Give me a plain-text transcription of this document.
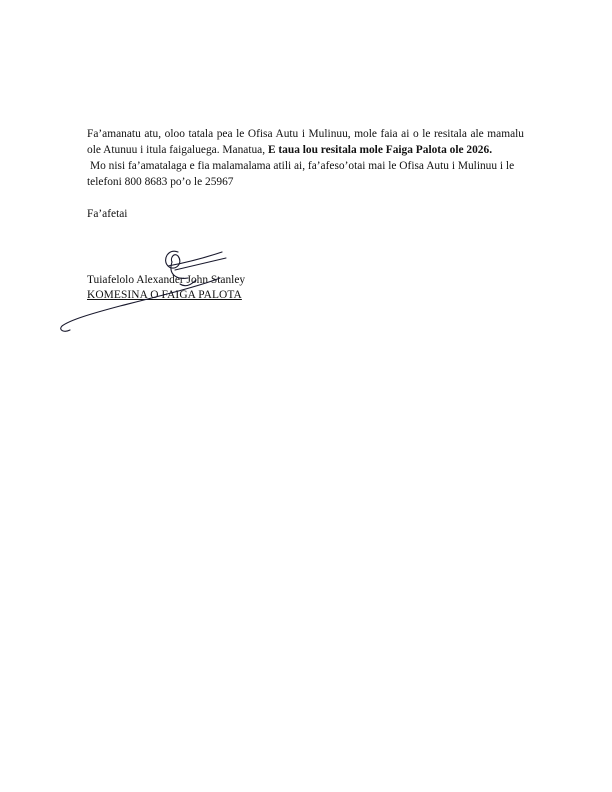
Fa’amanatu atu, oloo tatala pea le Ofisa Autu i Mulinuu, mole faia ai o le resitala ale mamalu ole Atunuu i itula faigaluega. Manatua, E taua lou resitala mole Faiga Palota ole 2026.

Mo nisi fa’amatalaga e fia malamalama atili ai, fa’afeso’otai mai le Ofisa Autu i Mulinuu i le telefoni 800 8683 po’o le 25967

Fa’afetai
Tuiafelolo Alexander John Stanley
KOMESINA O FAIGA PALOTA
